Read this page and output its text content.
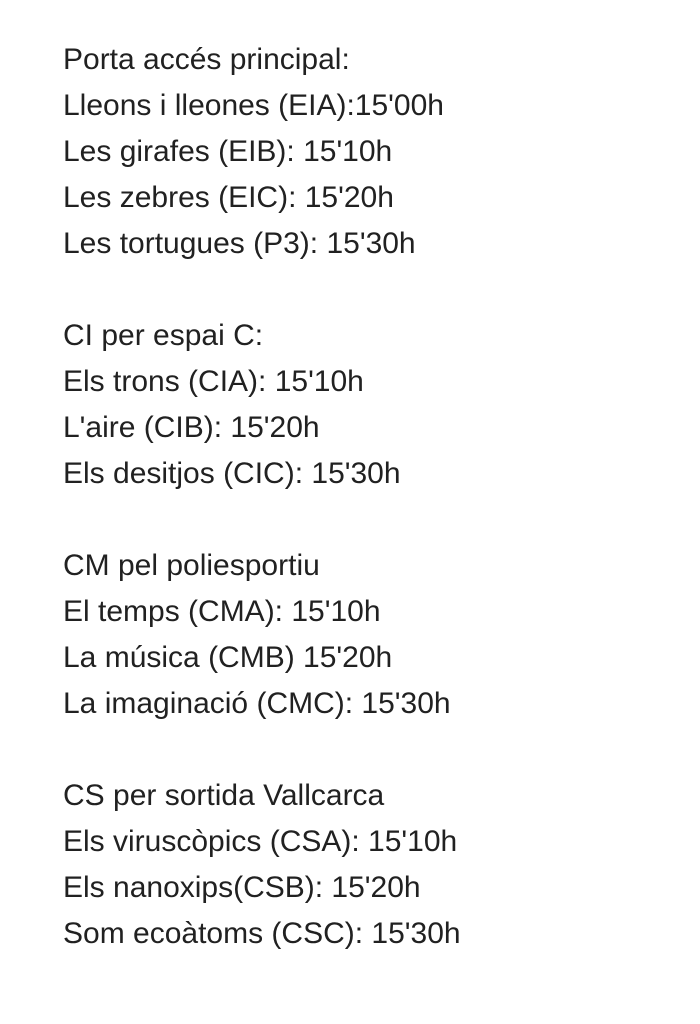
Porta accés principal:

Lleons i lleones (EIA):15'00h

Les girafes (EIB): 15'10h

Les zebres (EIC): 15'20h

Les tortugues (P3): 15'30h

CI per espai C:

Els trons (CIA): 15'10h

L'aire (CIB): 15'20h

Els desitjos (CIC): 15'30h

CM pel poliesportiu

El temps (CMA): 15'10h

La música (CMB) 15'20h

La imaginació (CMC): 15'30h

CS per sortida Vallcarca

Els viruscòpics (CSA): 15'10h

Els nanoxips(CSB): 15'20h

Som ecoàtoms (CSC): 15'30h
